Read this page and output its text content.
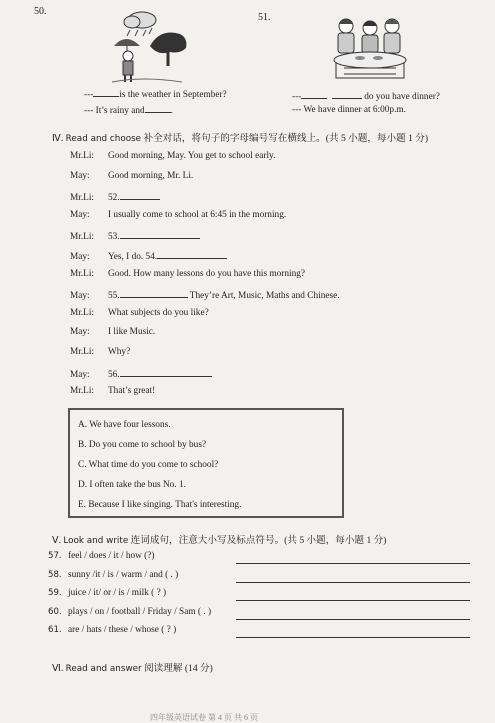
50.
---	is the weather in September?
--- It’s rainy and	.
51.
---	do you have dinner?
--- We have dinner at 6:00p.m.
Ⅳ. Read and choose 补全对话，将句子的字母编号写在横线上。(共 5 小题，每小题 1 分)
Mr.Li: Good morning, May. You get to school early.
May: Good morning, Mr. Li.
Mr.Li: 52.
May: I usually come to school at 6:45 in the morning.
Mr.Li: 53.
May: Yes, I do. 54.
Mr.Li: Good. How many lessons do you have this morning?
May: 55.	They’re Art, Music, Maths and Chinese.
Mr.Li: What subjects do you like?
May: I like Music.
Mr.Li: Why?
May: 56.
Mr.Li: That’s great!
A. We have four lessons.
B. Do you come to school by bus?
C. What time do you come to school?
D. I often take the bus No. 1.
E. Because I like singing. That's interesting.
Ⅴ. Look and write 连词成句，注意大小写及标点符号。(共 5 小题，每小题 1 分)
57. feel / does / it / how (?)
58. sunny /it / is / warm / and ( . )
59. juice / it/ or / is / milk ( ? )
60. plays / on / football / Friday / Sam ( . )
61. are / hats / these / whose ( ? )
Ⅵ. Read and answer 阅读理解 (14 分)
四年级英语试卷 第 4 页 共 6 页
